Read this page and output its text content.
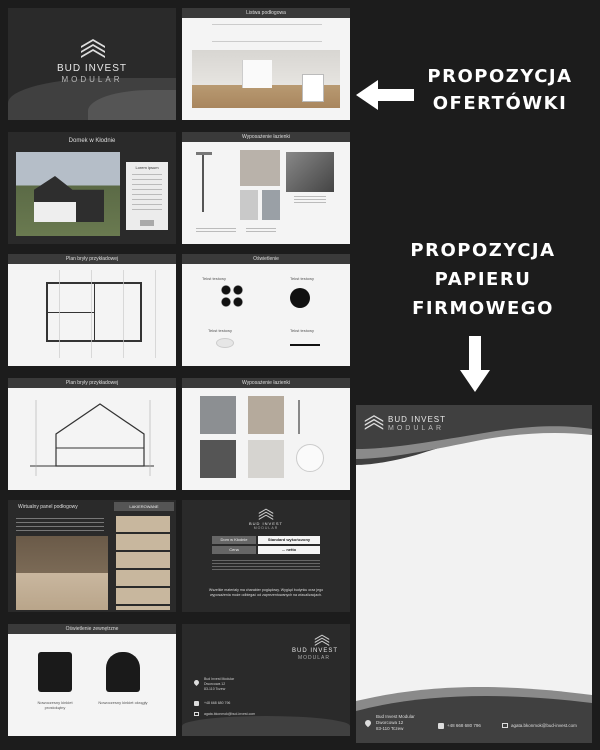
BUD INVEST
MODULAR
Listwa podłogowa
PROPOZYCJA
OFERTÓWKI
Domek w Kłodnie
Lorem ipsum
Wyposażenie łazienki
Plan bryły przykładowej	Oświetlenie
Tekst testowy	Tekst testowy
Tekst testowy	Tekst testowy
Plan bryły przykładowej	Wyposażenie łazienki
Wirtualny panel podłogowy	LAKIEROWANE
BUD INVEST
MODULAR
Dom w Kłodnie	Standard wykończony
Cena	... netto
Wszelkie materiały ma charakter poglądowy. Wygląd budynku oraz jego wyposażenia może odbiegać od zaprezentowanych na wizualizacjach.
Oświetlenie zewnętrzne
Nowoczesny kinkiet prostokątny
Nowoczesny kinkiet okrągły
BUD INVEST
MODULAR
Bud Invest Modular
Dworcowa 12
83-110 Tczew
+48 668 680 796
agata.bkonmok@bud-invest.com
PROPOZYCJA
PAPIERU
FIRMOWEGO
BUD INVEST
MODULAR
Bud Invest Modular
Dworcowa 12
83-110 Tczew
+48 668 680 796	agata.bkonmok@bud-invest.com
